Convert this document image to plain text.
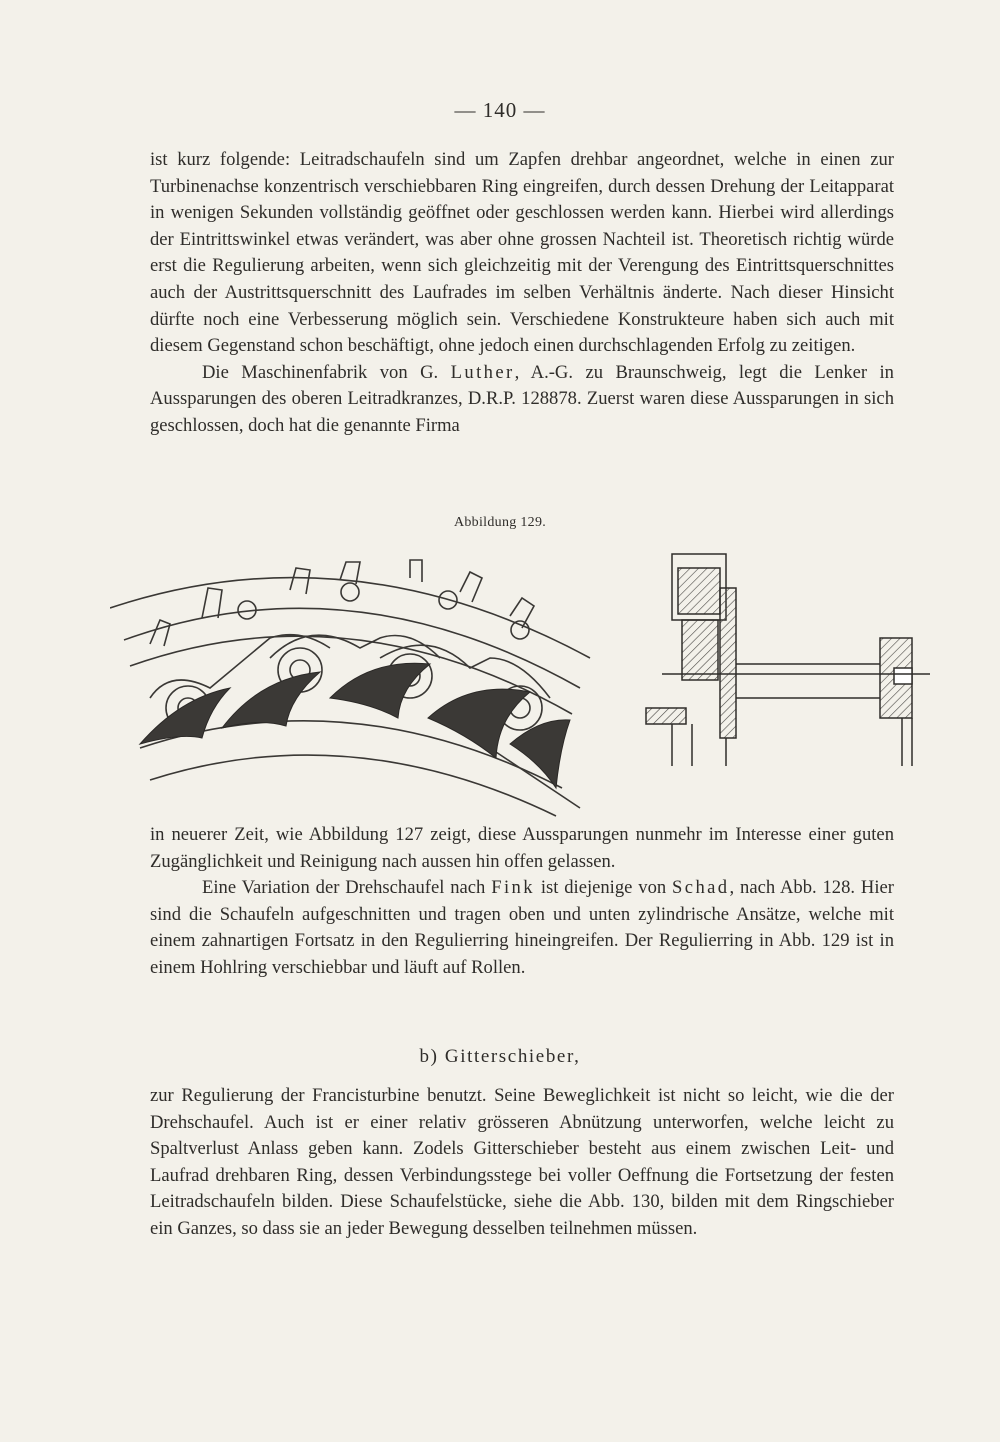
— 140 —

ist kurz folgende: Leitradschaufeln sind um Zapfen drehbar angeordnet, welche in einen zur Turbinenachse konzentrisch verschiebbaren Ring eingreifen, durch dessen Drehung der Leitapparat in wenigen Sekunden vollständig geöffnet oder geschlossen werden kann. Hierbei wird allerdings der Eintrittswinkel etwas verändert, was aber ohne grossen Nachteil ist. Theoretisch richtig würde erst die Regulierung arbeiten, wenn sich gleichzeitig mit der Verengung des Eintrittsquerschnittes auch der Austrittsquerschnitt des Laufrades im selben Verhältnis änderte. Nach dieser Hinsicht dürfte noch eine Verbesserung möglich sein. Verschiedene Konstrukteure haben sich auch mit diesem Gegenstand schon beschäftigt, ohne jedoch einen durchschlagenden Erfolg zu zeitigen.

Die Maschinenfabrik von G. Luther, A.-G. zu Braunschweig, legt die Lenker in Aussparungen des oberen Leitradkranzes, D.R.P. 128878. Zuerst waren diese Aussparungen in sich geschlossen, doch hat die genannte Firma

Abbildung 129.

in neuerer Zeit, wie Abbildung 127 zeigt, diese Aussparungen nunmehr im Interesse einer guten Zugänglichkeit und Reinigung nach aussen hin offen gelassen.

Eine Variation der Drehschaufel nach Fink ist diejenige von Schad, nach Abb. 128. Hier sind die Schaufeln aufgeschnitten und tragen oben und unten zylindrische Ansätze, welche mit einem zahnartigen Fortsatz in den Regulierring hineingreifen. Der Regulierring in Abb. 129 ist in einem Hohlring verschiebbar und läuft auf Rollen.

b) Gitterschieber,

zur Regulierung der Francisturbine benutzt. Seine Beweglichkeit ist nicht so leicht, wie die der Drehschaufel. Auch ist er einer relativ grösseren Abnützung unterworfen, welche leicht zu Spaltverlust Anlass geben kann. Zodels Gitterschieber besteht aus einem zwischen Leit- und Laufrad drehbaren Ring, dessen Verbindungsstege bei voller Oeffnung die Fortsetzung der festen Leitradschaufeln bilden. Diese Schaufelstücke, siehe die Abb. 130, bilden mit dem Ringschieber ein Ganzes, so dass sie an jeder Bewegung desselben teilnehmen müssen.
